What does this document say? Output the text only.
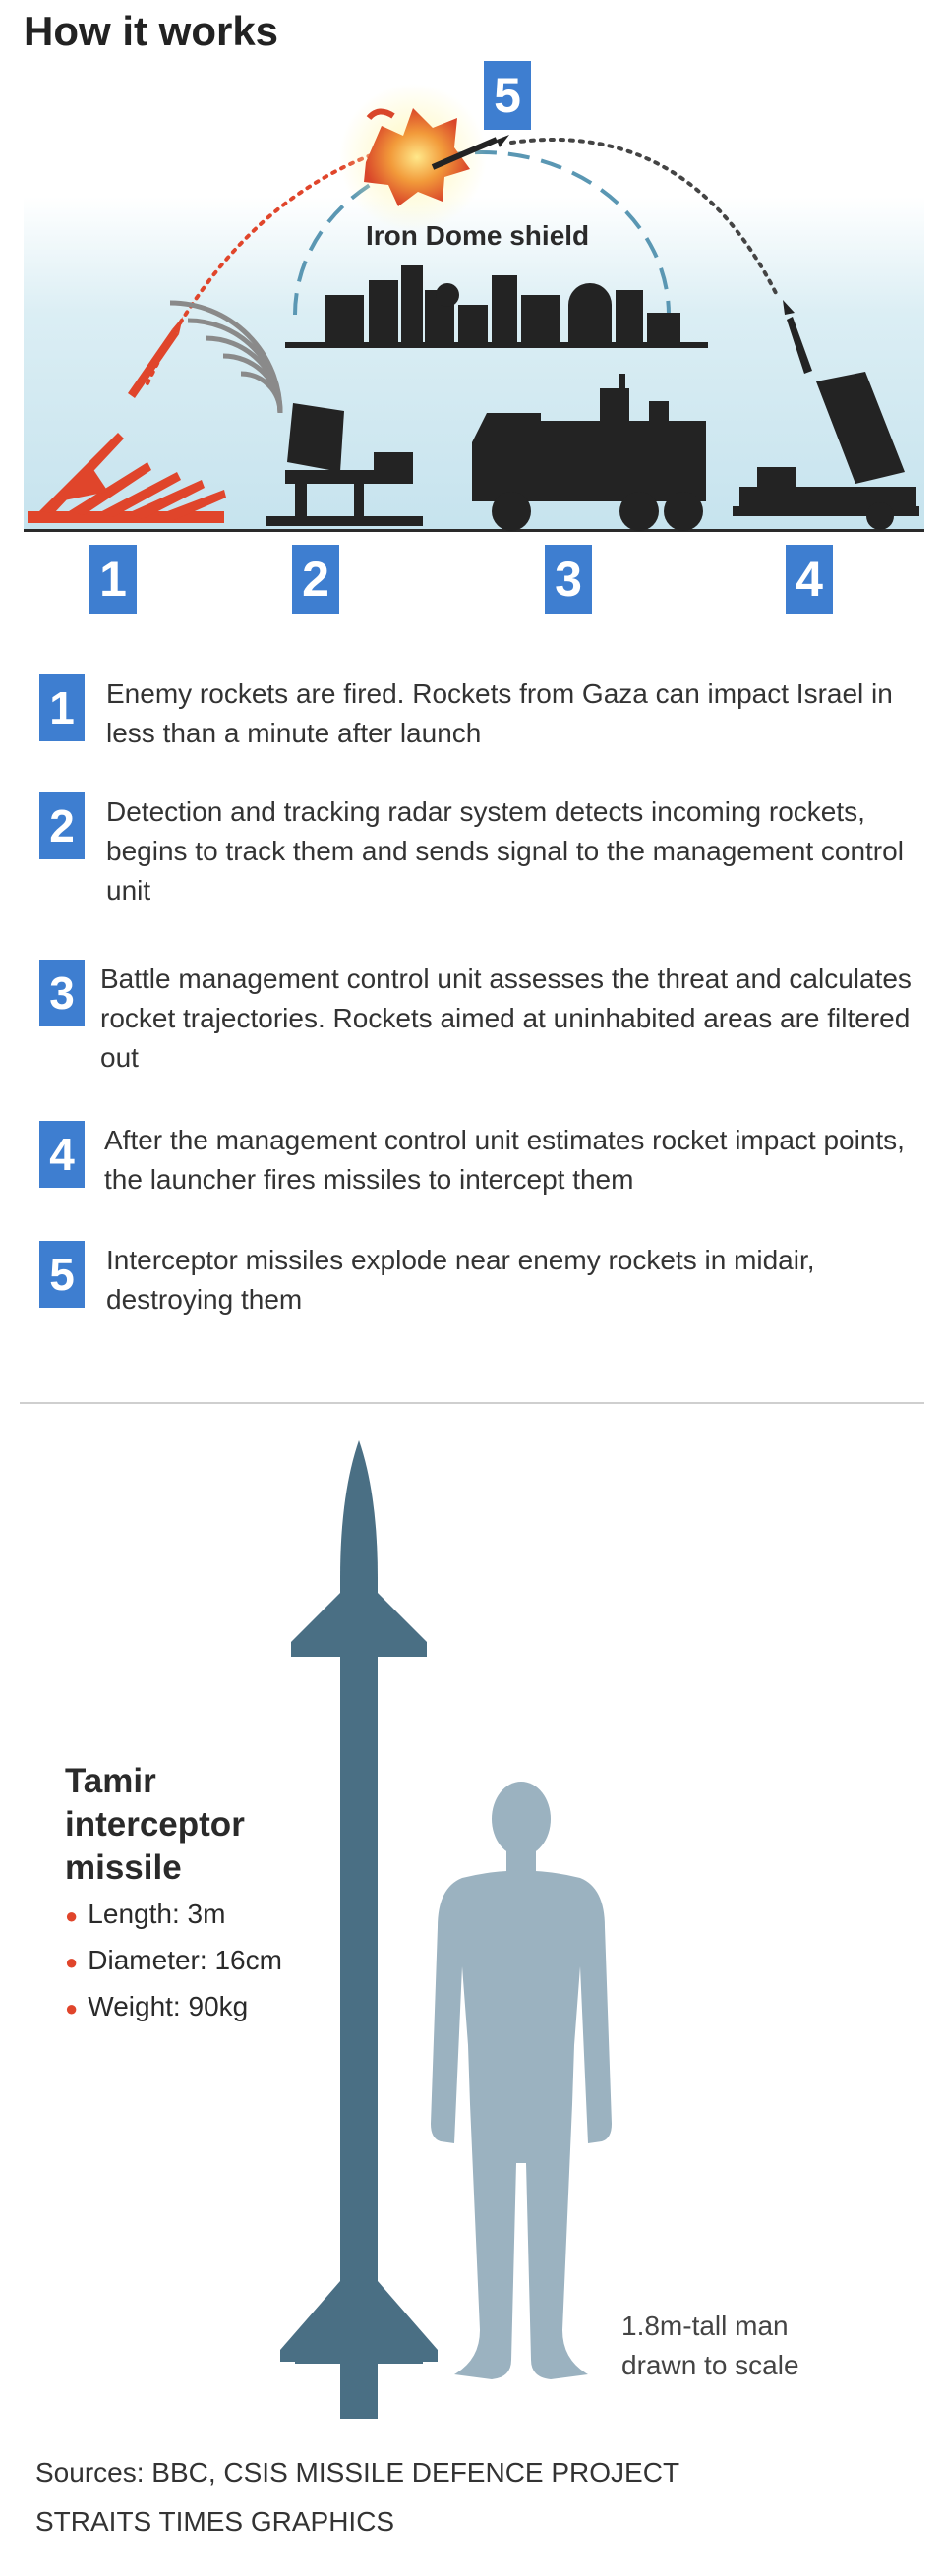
How it works
Iron Dome shield
1	2	3	4
5
1	Enemy rockets are fired. Rockets from Gaza can impact Israel in less than a minute after launch
2	Detection and tracking radar system detects incoming rockets, begins to track them and sends signal to the management control unit
3 Battle management control unit assesses the threat and calculates rocket trajectories. Rockets aimed at uninhabited areas are filtered out
4	After the management control unit estimates rocket impact points, the launcher fires missiles to intercept them
5	Interceptor missiles explode near enemy rockets in midair, destroying them
Tamir interceptor missile
● Length: 3m
● Diameter: 16cm
● Weight: 90kg
1.8m-tall man drawn to scale
Sources: BBC, CSIS MISSILE DEFENCE PROJECT
STRAITS TIMES GRAPHICS
